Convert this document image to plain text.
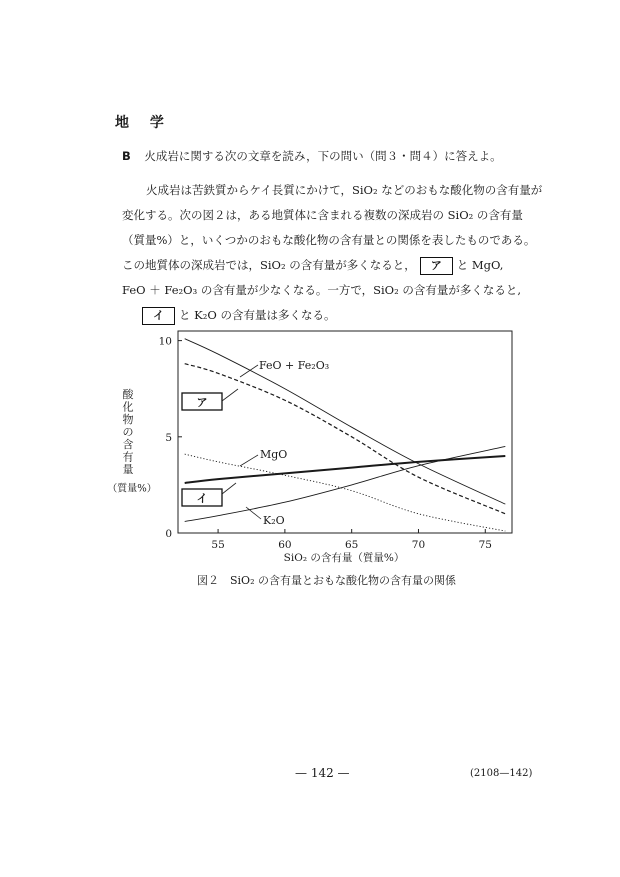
地 学
B 火成岩に関する次の文章を読み，下の問い（問３・問４）に答えよ。
火成岩は苦鉄質からケイ長質にかけて，SiO₂ などのおもな酸化物の含有量が
変化する。次の図２は，ある地質体に含まれる複数の深成岩の SiO₂ の含有量
（質量%）と，いくつかのおもな酸化物の含有量との関係を表したものである。
この地質体の深成岩では，SiO₂ の含有量が多くなると， ア と MgO,
FeO ＋ Fe₂O₃ の含有量が少なくなる。一方で，SiO₂ の含有量が多くなると,
イ と K₂O の含有量は多くなる。
55	60	65	70	75
0
5
10
酸化物の含有量（質量%）
SiO₂ の含有量（質量%）
FeO + Fe₂O₃
MgO
K₂O
ア
イ
図２　SiO₂ の含有量とおもな酸化物の含有量の関係
— 142 —	(2108—142)
